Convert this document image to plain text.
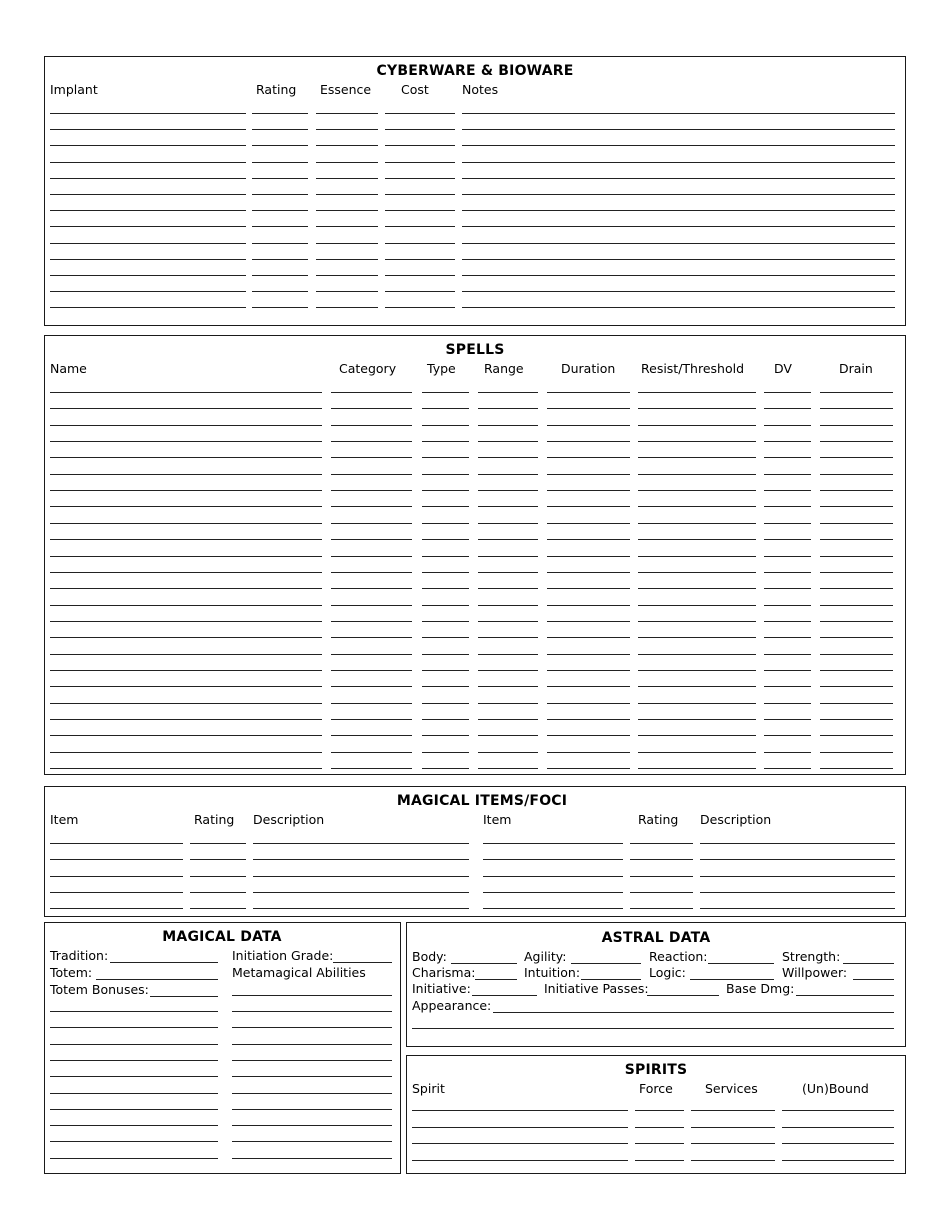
CYBERWARE & BIOWARE
Implant	Rating Essence Cost	Notes
SPELLS
Name	Category Type Range	Duration Resist/Threshold DV	Drain
MAGICAL ITEMS/FOCI
Item	Rating Description	Item	Rating Description
MAGICAL DATA
Tradition:	Initiation Grade:
Totem:	Metamagical Abilities
Totem Bonuses:
ASTRAL DATA
Body:	Agility:	Reaction:	Strength:
Charisma:	Intuition:	Logic:	Willpower:
Initiative:	Initiative Passes:	Base Dmg:
Appearance:
SPIRITS
Spirit	Force	Services	(Un)Bound
